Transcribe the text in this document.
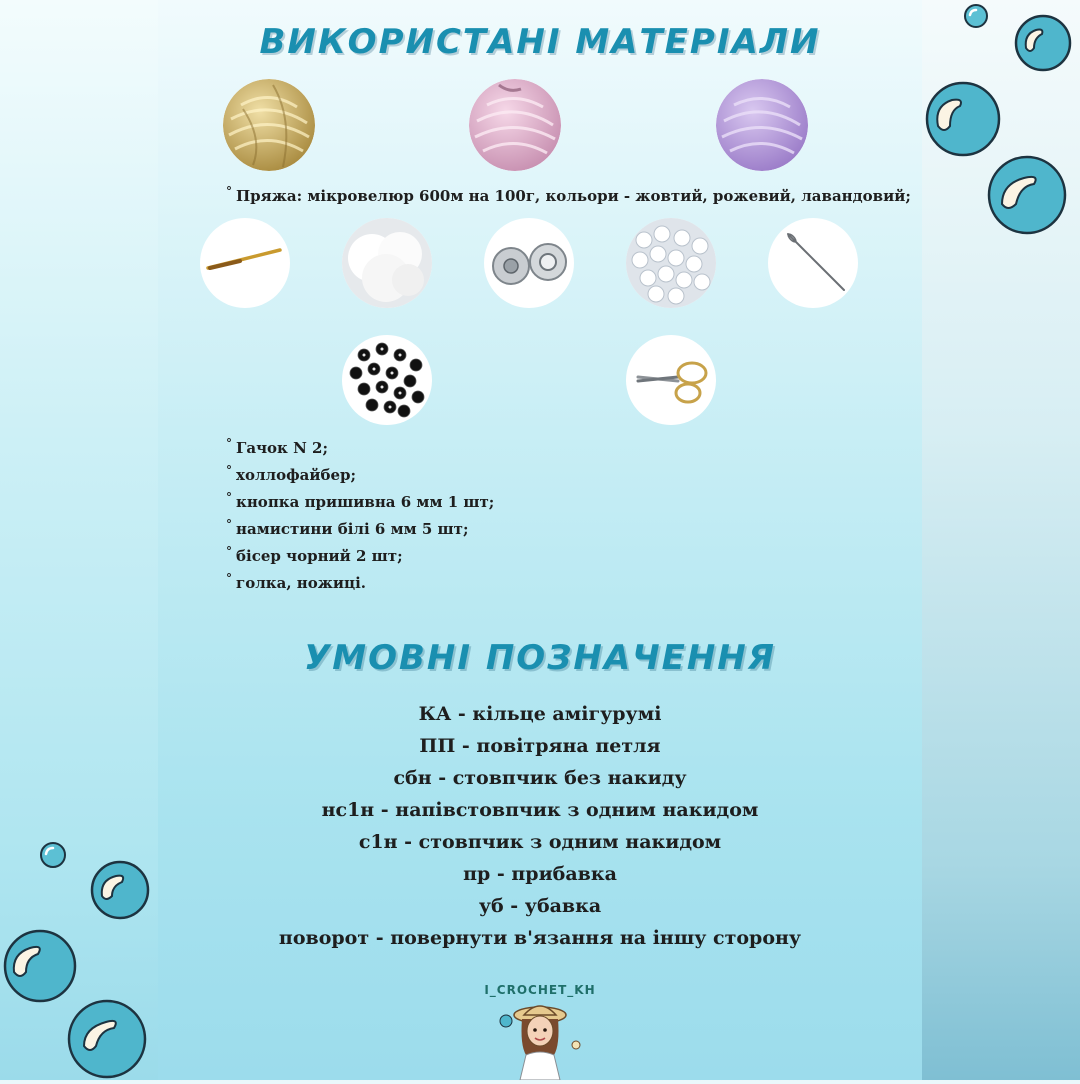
ВИКОРИСТАНІ МАТЕРІАЛИ
° Пряжа: мікровелюр 600м на 100г, кольори - жовтий, рожевий, лавандовий;
° Гачок N 2;
° холлофайбер;
° кнопка пришивна 6 мм 1 шт;
° намистини білі 6 мм 5 шт;
° бісер чорний 2 шт;
° голка, ножиці.
УМОВНІ ПОЗНАЧЕННЯ
КА - кільце амігурумі
ПП - повітряна петля
сбн - стовпчик без накиду
нс1н - напівстовпчик з одним накидом
с1н - стовпчик з одним накидом
пр - прибавка
уб - убавка
поворот - повернути в'язання на іншу сторону
I_CROCHET_KH
